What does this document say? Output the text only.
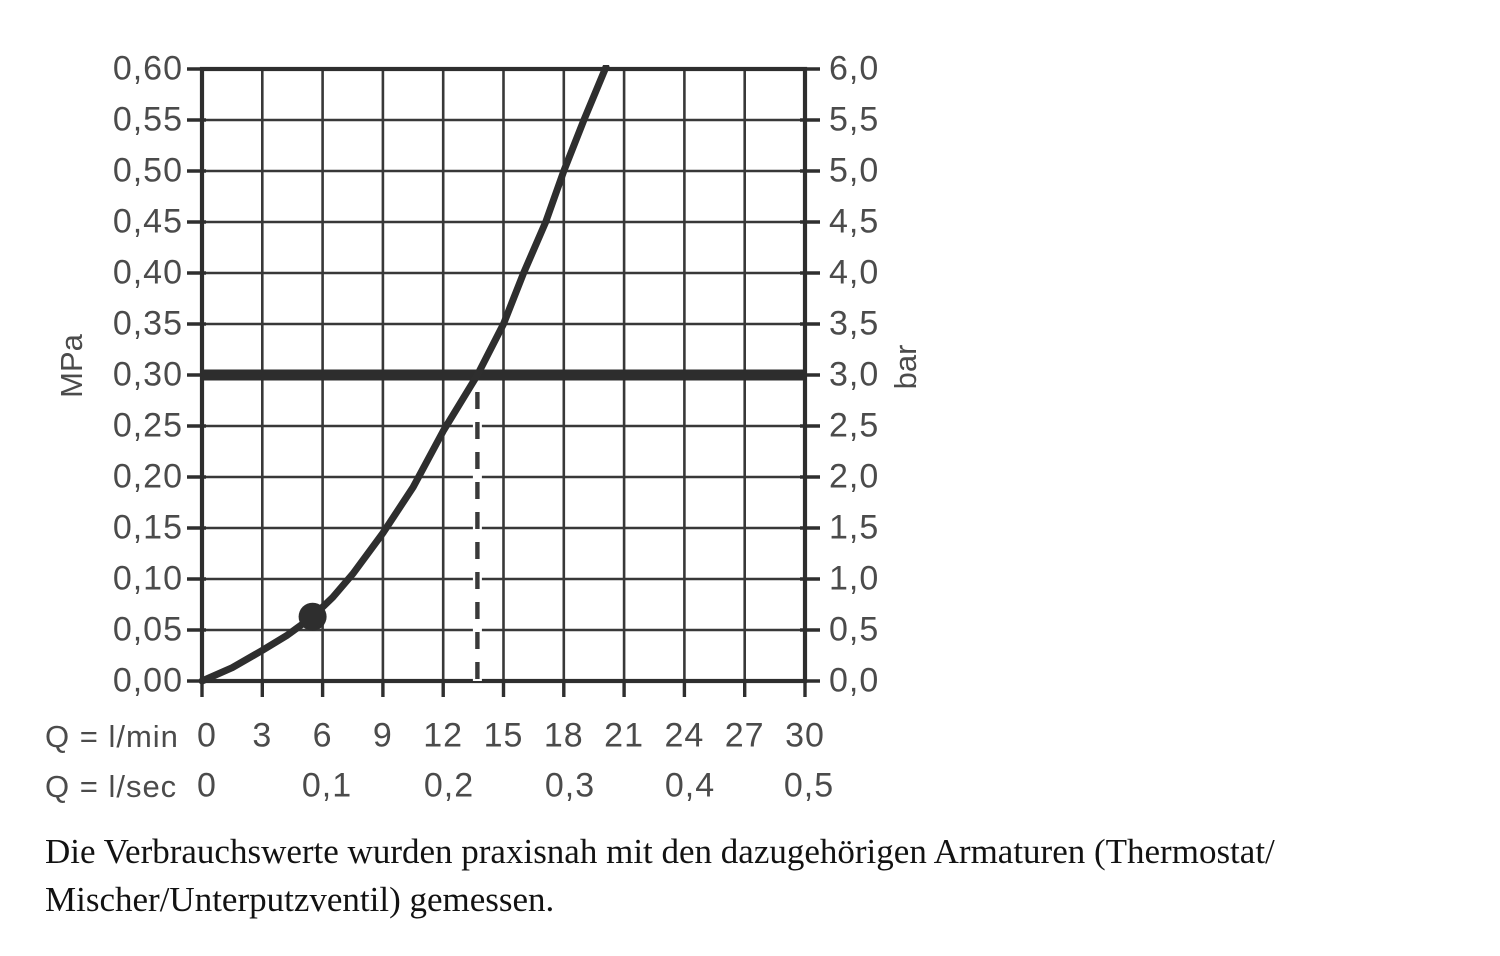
0,60
0,55
0,50
0,45
0,40
0,35
0,30
0,25
0,20
0,15
0,10
0,05
0,00
6,0
5,5
5,0
4,5
4,0
3,5
3,0
2,5
2,0
1,5
1,0
0,5
0,0
MPa	bar
Q = l/min 0 3 6 9 12 15 18 21 24 27 30
Q = l/sec 0 0,1 0,2 0,3 0,4 0,5

Die Verbrauchswerte wurden praxisnah mit den dazugehörigen Armaturen (Thermostat/
Mischer/Unterputzventil) gemessen.
